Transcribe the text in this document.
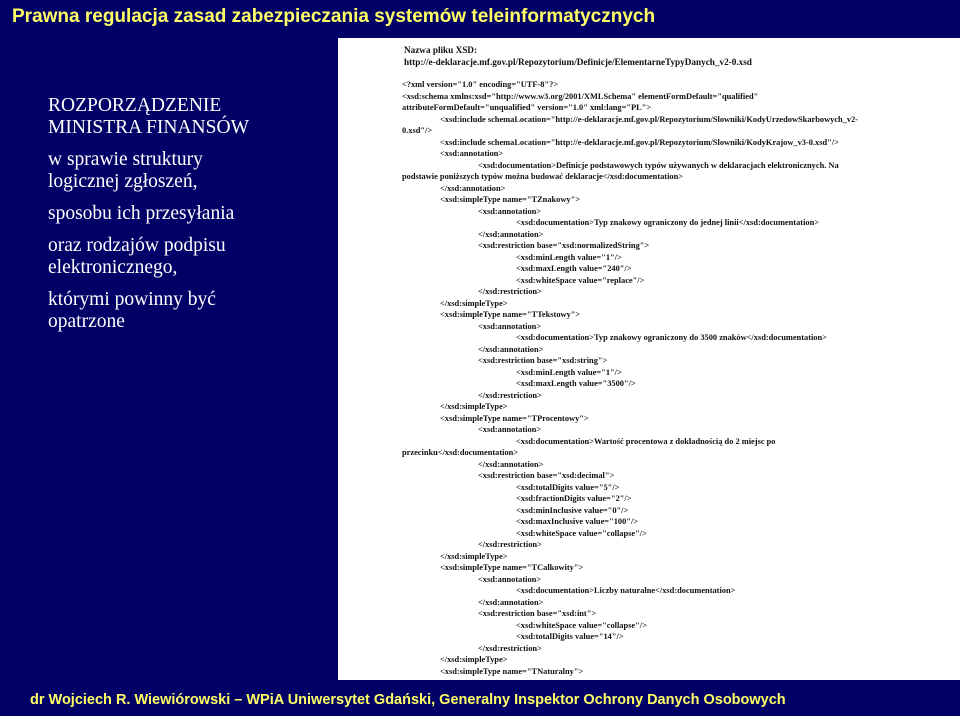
Prawna regulacja zasad zabezpieczania systemów teleinformatycznych
ROZPORZĄDZENIE
MINISTRA FINANSÓW
w sprawie struktury
logicznej zgłoszeń,
sposobu ich przesyłania
oraz rodzajów podpisu
elektronicznego,
którymi powinny być
opatrzone
Nazwa pliku XSD:
http://e-deklaracje.mf.gov.pl/Repozytorium/Definicje/ElementarneTypyDanych_v2-0.xsd
<?xml version="1.0" encoding="UTF-8"?>
<xsd:schema xmlns:xsd="http://www.w3.org/2001/XMLSchema" elementFormDefault="qualified"
attributeFormDefault="unqualified" version="1.0" xml:lang="PL">
<xsd:include schemaLocation="http://e-deklaracje.mf.gov.pl/Repozytorium/Slowniki/KodyUrzedowSkarbowych_v2-
0.xsd"/>
<xsd:include schemaLocation="http://e-deklaracje.mf.gov.pl/Repozytorium/Slowniki/KodyKrajow_v3-0.xsd"/>
<xsd:annotation>
<xsd:documentation>Definicje podstawowych typów używanych w deklaracjach elektronicznych. Na
podstawie poniższych typów można budować deklaracje</xsd:documentation>
</xsd:annotation>
<xsd:simpleType name="TZnakowy">
<xsd:annotation>
<xsd:documentation>Typ znakowy ograniczony do jednej linii</xsd:documentation>
</xsd:annotation>
<xsd:restriction base="xsd:normalizedString">
<xsd:minLength value="1"/>
<xsd:maxLength value="240"/>
<xsd:whiteSpace value="replace"/>
</xsd:restriction>
</xsd:simpleType>
<xsd:simpleType name="TTekstowy">
<xsd:annotation>
<xsd:documentation>Typ znakowy ograniczony do 3500 znaków</xsd:documentation>
</xsd:annotation>
<xsd:restriction base="xsd:string">
<xsd:minLength value="1"/>
<xsd:maxLength value="3500"/>
</xsd:restriction>
</xsd:simpleType>
<xsd:simpleType name="TProcentowy">
<xsd:annotation>
<xsd:documentation>Wartość procentowa z dokładnością do 2 miejsc po
przecinku</xsd:documentation>
</xsd:annotation>
<xsd:restriction base="xsd:decimal">
<xsd:totalDigits value="5"/>
<xsd:fractionDigits value="2"/>
<xsd:minInclusive value="0"/>
<xsd:maxInclusive value="100"/>
<xsd:whiteSpace value="collapse"/>
</xsd:restriction>
</xsd:simpleType>
<xsd:simpleType name="TCalkowity">
<xsd:annotation>
<xsd:documentation>Liczby naturalne</xsd:documentation>
</xsd:annotation>
<xsd:restriction base="xsd:int">
<xsd:whiteSpace value="collapse"/>
<xsd:totalDigits value="14"/>
</xsd:restriction>
</xsd:simpleType>
<xsd:simpleType name="TNaturalny">
dr Wojciech R. Wiewiórowski – WPiA Uniwersytet Gdański, Generalny Inspektor Ochrony Danych Osobowych
